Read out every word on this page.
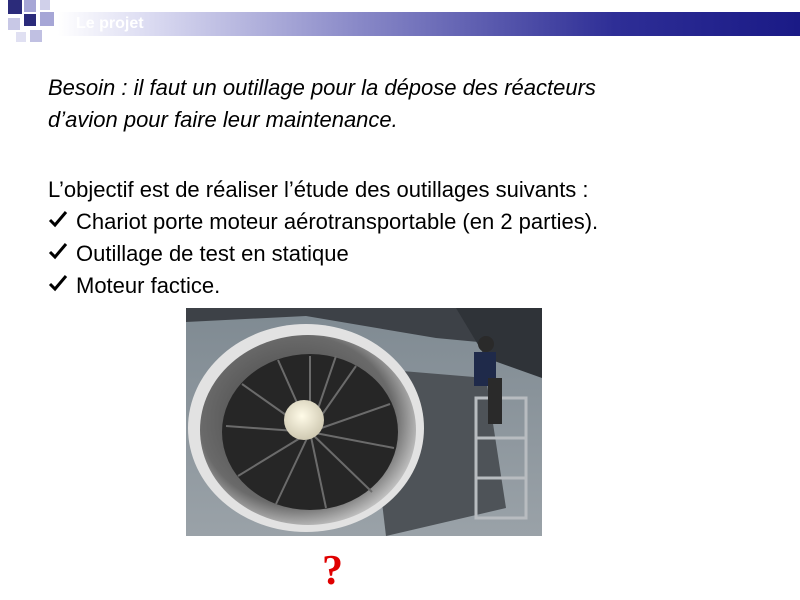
Le projet
Besoin : il faut un outillage pour la dépose des réacteurs
d’avion pour faire leur maintenance.
L’objectif est de réaliser l’étude des outillages suivants :
Chariot porte moteur aérotransportable (en 2 parties).
Outillage de test en statique
Moteur factice.
?
